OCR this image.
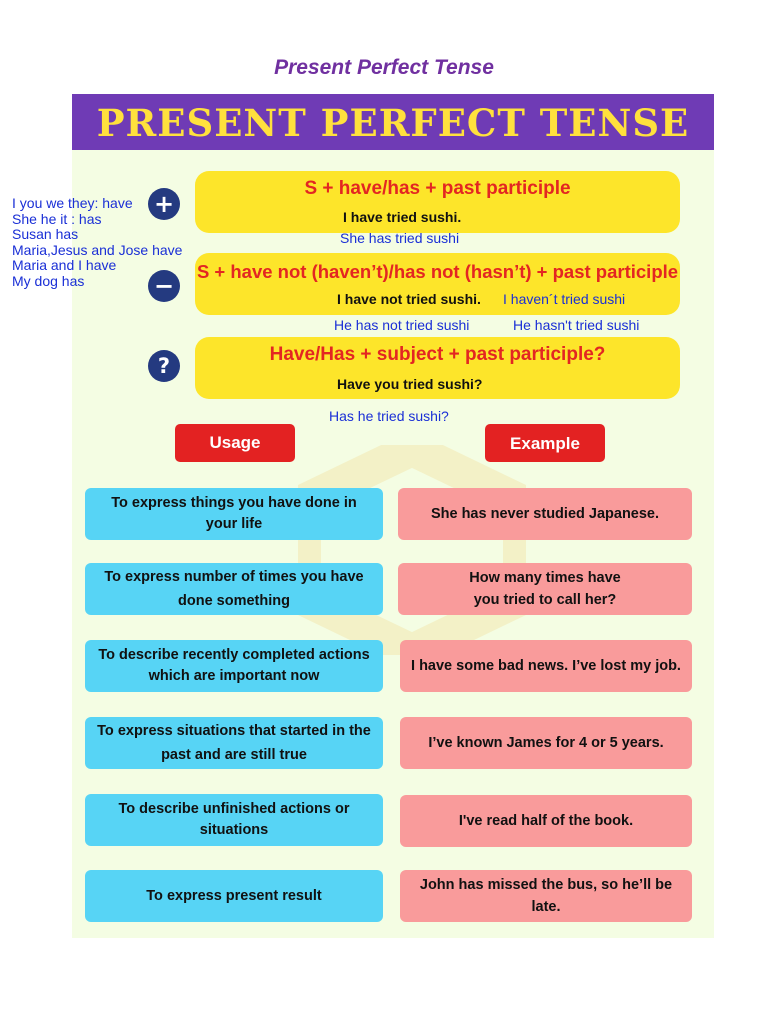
Present Perfect Tense
PRESENT PERFECT TENSE
I you we they: have
She he it : has
Susan has
Maria,Jesus and Jose have
Maria and I have
My dog has
+
S + have/has + past participle
I have tried sushi.
She has tried sushi
−
S + have not (haven’t)/has not (hasn’t) + past participle
I have not tried sushi. I haven´t tried sushi
He has not tried sushi	He hasn't tried sushi
?	Have/Has + subject + past participle?
Have you tried sushi?
Has he tried sushi?
Usage	Example
To express things you have done in your life
She has never studied Japanese.
To express number of times you have done something
How many times have you tried to call her?
To describe recently completed actions which are important now
I have some bad news. I’ve lost my job.
To express situations that started in the past and are still true
I’ve known James for 4 or 5 years.
To describe unfinished actions or situations
I've read half of the book.
To express present result
John has missed the bus, so he’ll be late.
